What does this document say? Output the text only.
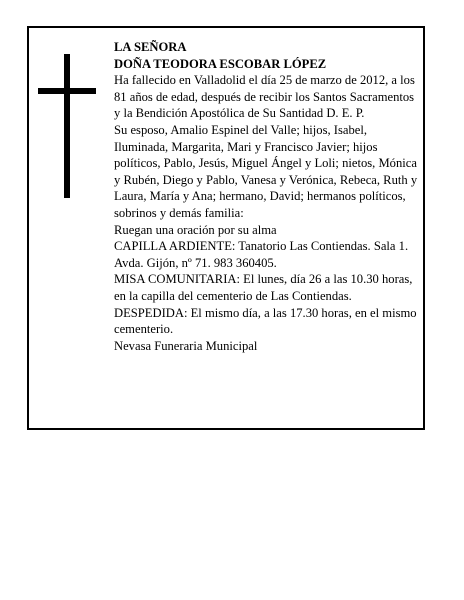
LA SEÑORA

DOÑA TEODORA ESCOBAR LÓPEZ

Ha fallecido en Valladolid el día 25 de marzo de 2012, a los 81 años de edad, después de recibir los Santos Sacramentos y la Bendición Apostólica de Su Santidad D. E. P.

Su esposo, Amalio Espinel del Valle; hijos, Isabel, Iluminada, Margarita, Mari y Francisco Javier; hijos políticos, Pablo, Jesús, Miguel Ángel y Loli; nietos, Mónica y Rubén, Diego y Pablo, Vanesa y Verónica, Rebeca, Ruth y Laura, María y Ana; hermano, David; hermanos políticos, sobrinos y demás familia:

Ruegan una oración por su alma

CAPILLA ARDIENTE: Tanatorio Las Contiendas. Sala 1. Avda. Gijón, nº 71. 983 360405.

MISA COMUNITARIA: El lunes, día 26 a las 10.30 horas, en la capilla del cementerio de Las Contiendas.

DESPEDIDA: El mismo día, a las 17.30 horas, en el mismo cementerio.

Nevasa Funeraria Municipal
